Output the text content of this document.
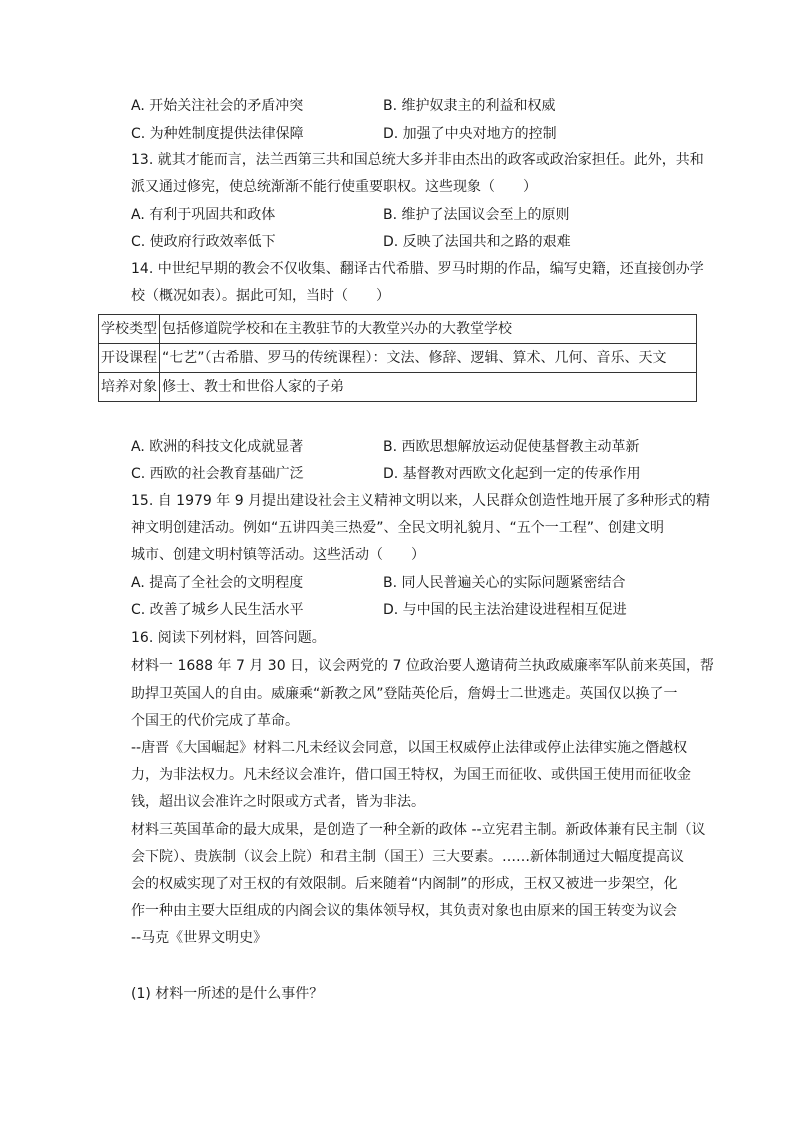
A. 开始关注社会的矛盾冲突	B. 维护奴隶主的利益和权威
C. 为种姓制度提供法律保障	D. 加强了中央对地方的控制
13. 就其才能而言，法兰西第三共和国总统大多并非由杰出的政客或政治家担任。此外，共和
派又通过修宪，使总统渐渐不能行使重要职权。这些现象（　　）
A. 有利于巩固共和政体	B. 维护了法国议会至上的原则
C. 使政府行政效率低下	D. 反映了法国共和之路的艰难
14. 中世纪早期的教会不仅收集、翻译古代希腊、罗马时期的作品，编写史籍，还直接创办学
校（概况如表）。据此可知，当时（　　）
学校类型	包括修道院学校和在主教驻节的大教堂兴办的大教堂学校
开设课程	“七艺”（古希腊、罗马的传统课程）：文法、修辞、逻辑、算术、几何、音乐、天文
培养对象	修士、教士和世俗人家的子弟
A. 欧洲的科技文化成就显著	B. 西欧思想解放运动促使基督教主动革新
C. 西欧的社会教育基础广泛	D. 基督教对西欧文化起到一定的传承作用
15. 自 1979 年 9 月提出建设社会主义精神文明以来，人民群众创造性地开展了多种形式的精
神文明创建活动。例如“五讲四美三热爱”、全民文明礼貌月、“五个一工程”、创建文明
城市、创建文明村镇等活动。这些活动（　　）
A. 提高了全社会的文明程度	B. 同人民普遍关心的实际问题紧密结合
C. 改善了城乡人民生活水平	D. 与中国的民主法治建设进程相互促进
16. 阅读下列材料，回答问题。
材料一 1688 年 7 月 30 日，议会两党的 7 位政治要人邀请荷兰执政威廉率军队前来英国，帮
助捍卫英国人的自由。威廉乘“新教之风”登陆英伦后，詹姆士二世逃走。英国仅以换了一
个国王的代价完成了革命。
--唐晋《大国崛起》材料二凡未经议会同意，以国王权威停止法律或停止法律实施之僭越权
力，为非法权力。凡未经议会准许，借口国王特权，为国王而征收、或供国王使用而征收金
钱，超出议会准许之时限或方式者，皆为非法。
材料三英国革命的最大成果，是创造了一种全新的政体 --立宪君主制。新政体兼有民主制（议
会下院）、贵族制（议会上院）和君主制（国王）三大要素。……新体制通过大幅度提高议
会的权威实现了对王权的有效限制。后来随着“内阁制”的形成，王权又被进一步架空，化
作一种由主要大臣组成的内阁会议的集体领导权，其负责对象也由原来的国王转变为议会
--马克《世界文明史》
(1) 材料一所述的是什么事件？
